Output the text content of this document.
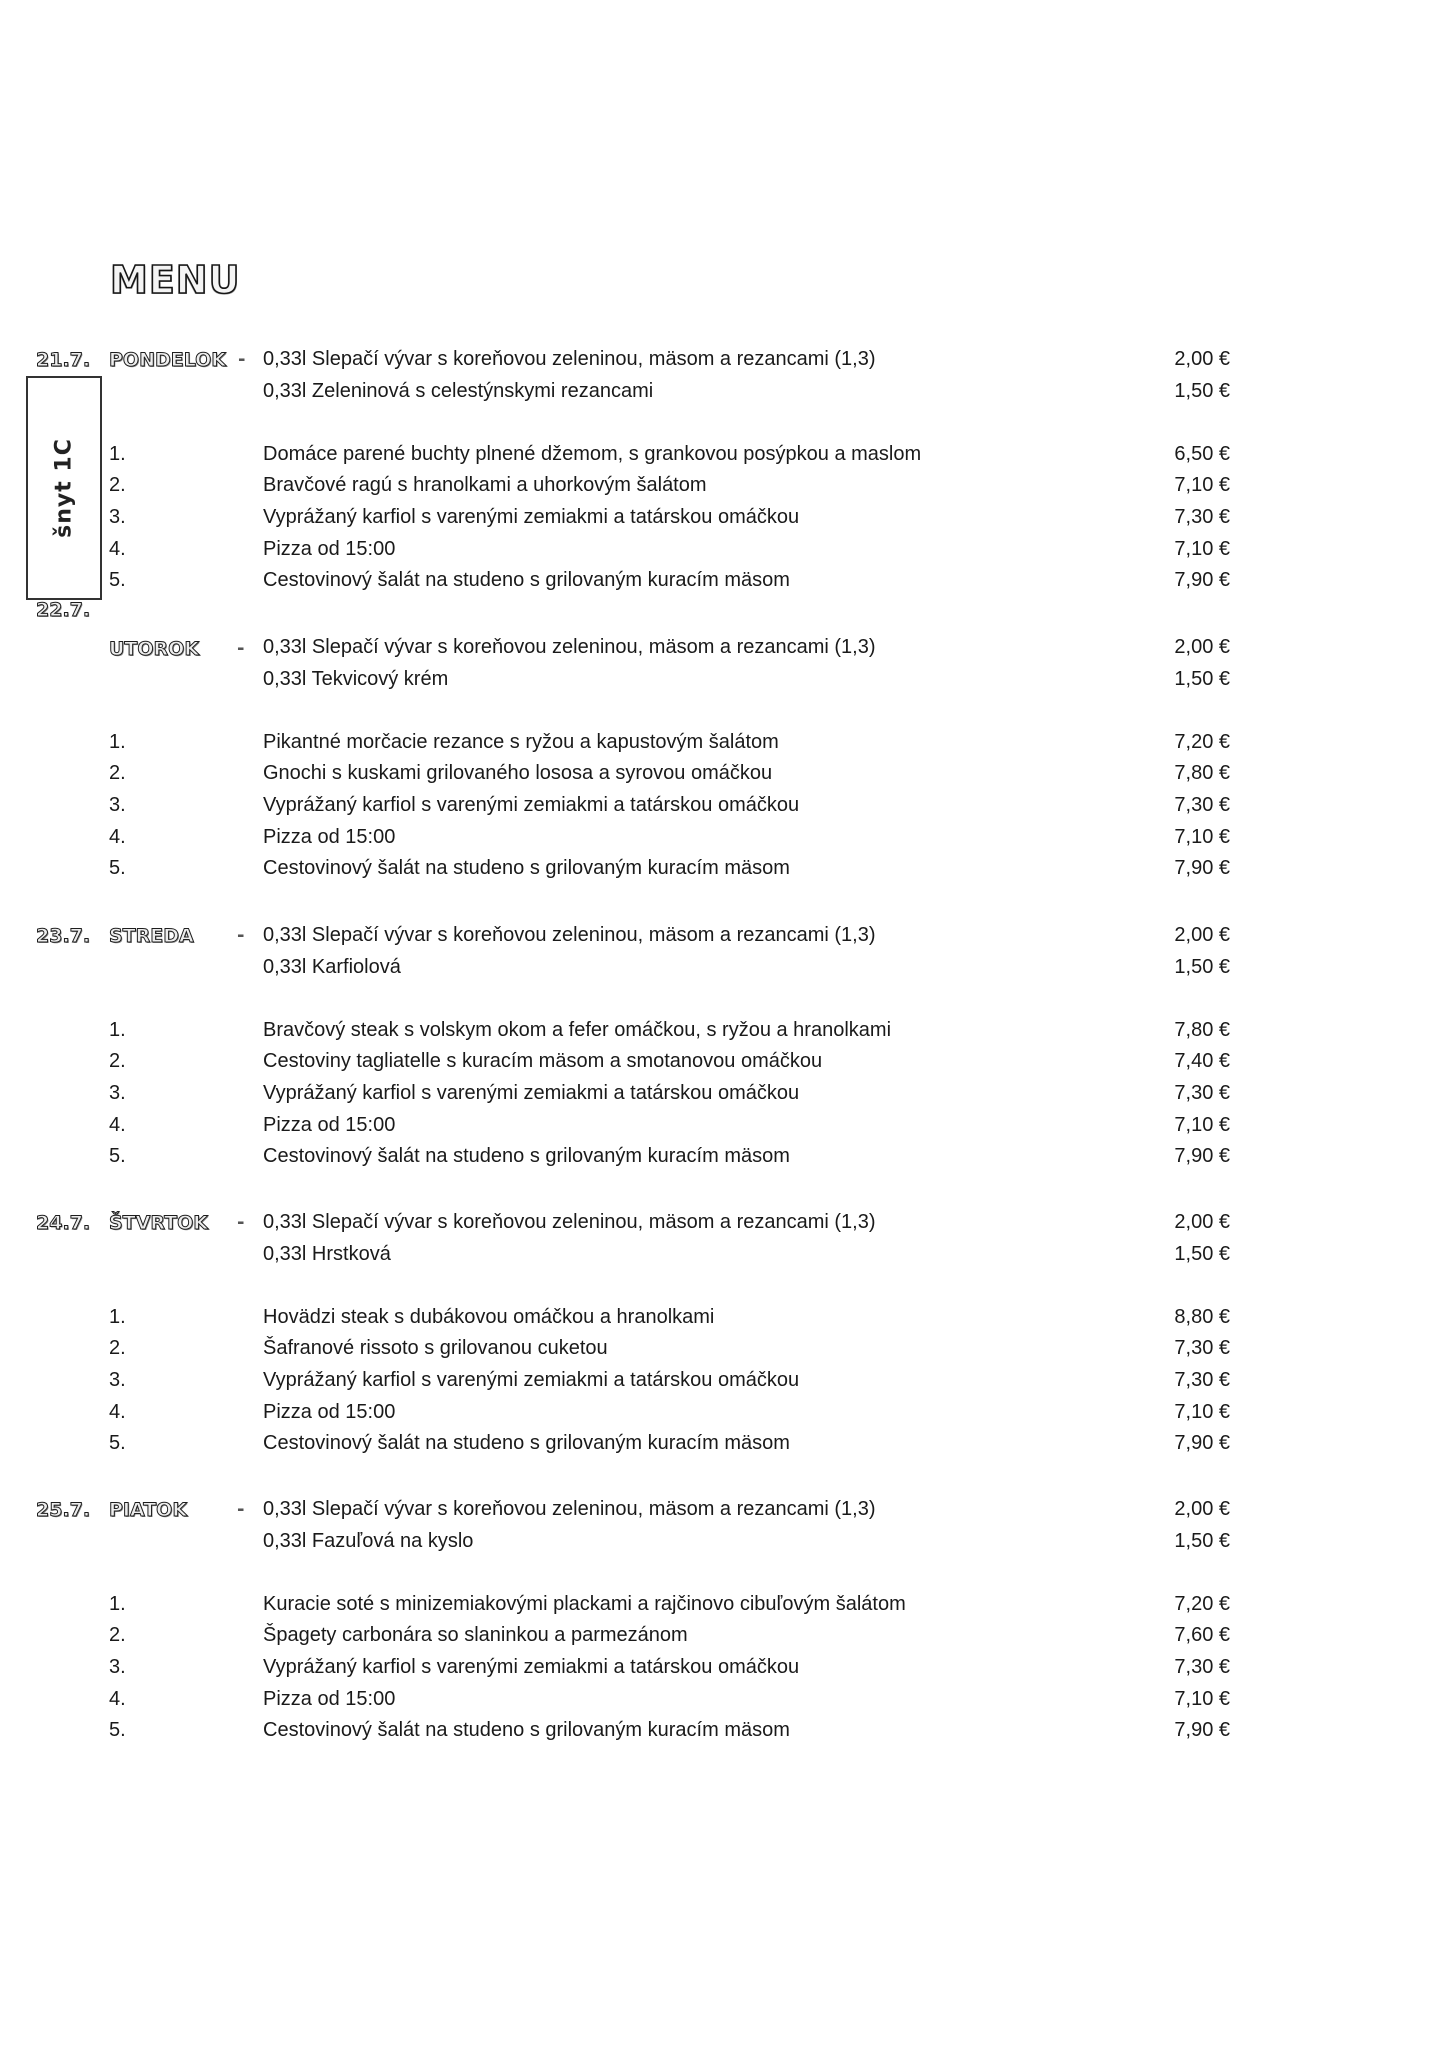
MENU
šnyt 1C
21.7. PONDELOK - 0,33l Slepačí vývar s koreňovou zeleninou, mäsom a rezancami (1,3)	2,00 €
0,33l Zeleninová s celestýnskymi rezancami	1,50 €
1.	Domáce parené buchty plnené džemom, s grankovou posýpkou a maslom	6,50 €
2.	Bravčové ragú s hranolkami a uhorkovým šalátom	7,10 €
3.	Vyprážaný karfiol s varenými zemiakmi a tatárskou omáčkou	7,30 €
4.	Pizza od 15:00	7,10 €
5.	Cestovinový šalát na studeno s grilovaným kuracím mäsom	7,90 €
22.7.
UTOROK - 0,33l Slepačí vývar s koreňovou zeleninou, mäsom a rezancami (1,3)	2,00 €
0,33l Tekvicový krém	1,50 €
1.	Pikantné morčacie rezance s ryžou a kapustovým šalátom	7,20 €
2.	Gnochi s kuskami grilovaného lososa a syrovou omáčkou	7,80 €
3.	Vyprážaný karfiol s varenými zemiakmi a tatárskou omáčkou	7,30 €
4.	Pizza od 15:00	7,10 €
5.	Cestovinový šalát na studeno s grilovaným kuracím mäsom	7,90 €
23.7. STREDA - 0,33l Slepačí vývar s koreňovou zeleninou, mäsom a rezancami (1,3)	2,00 €
0,33l Karfiolová	1,50 €
1.	Bravčový steak s volskym okom a fefer omáčkou, s ryžou a hranolkami	7,80 €
2.	Cestoviny tagliatelle s kuracím mäsom a smotanovou omáčkou	7,40 €
3.	Vyprážaný karfiol s varenými zemiakmi a tatárskou omáčkou	7,30 €
4.	Pizza od 15:00	7,10 €
5.	Cestovinový šalát na studeno s grilovaným kuracím mäsom	7,90 €
24.7. ŠTVRTOK - 0,33l Slepačí vývar s koreňovou zeleninou, mäsom a rezancami (1,3)	2,00 €
0,33l Hrstková	1,50 €
1.	Hovädzi steak s dubákovou omáčkou a hranolkami	8,80 €
2.	Šafranové rissoto s grilovanou cuketou	7,30 €
3.	Vyprážaný karfiol s varenými zemiakmi a tatárskou omáčkou	7,30 €
4.	Pizza od 15:00	7,10 €
5.	Cestovinový šalát na studeno s grilovaným kuracím mäsom	7,90 €
25.7. PIATOK	- 0,33l Slepačí vývar s koreňovou zeleninou, mäsom a rezancami (1,3)	2,00 €
0,33l Fazuľová na kyslo	1,50 €
1.	Kuracie soté s minizemiakovými plackami a rajčinovo cibuľovým šalátom	7,20 €
2.	Špagety carbonára so slaninkou a parmezánom	7,60 €
3.	Vyprážaný karfiol s varenými zemiakmi a tatárskou omáčkou	7,30 €
4.	Pizza od 15:00	7,10 €
5.	Cestovinový šalát na studeno s grilovaným kuracím mäsom	7,90 €
